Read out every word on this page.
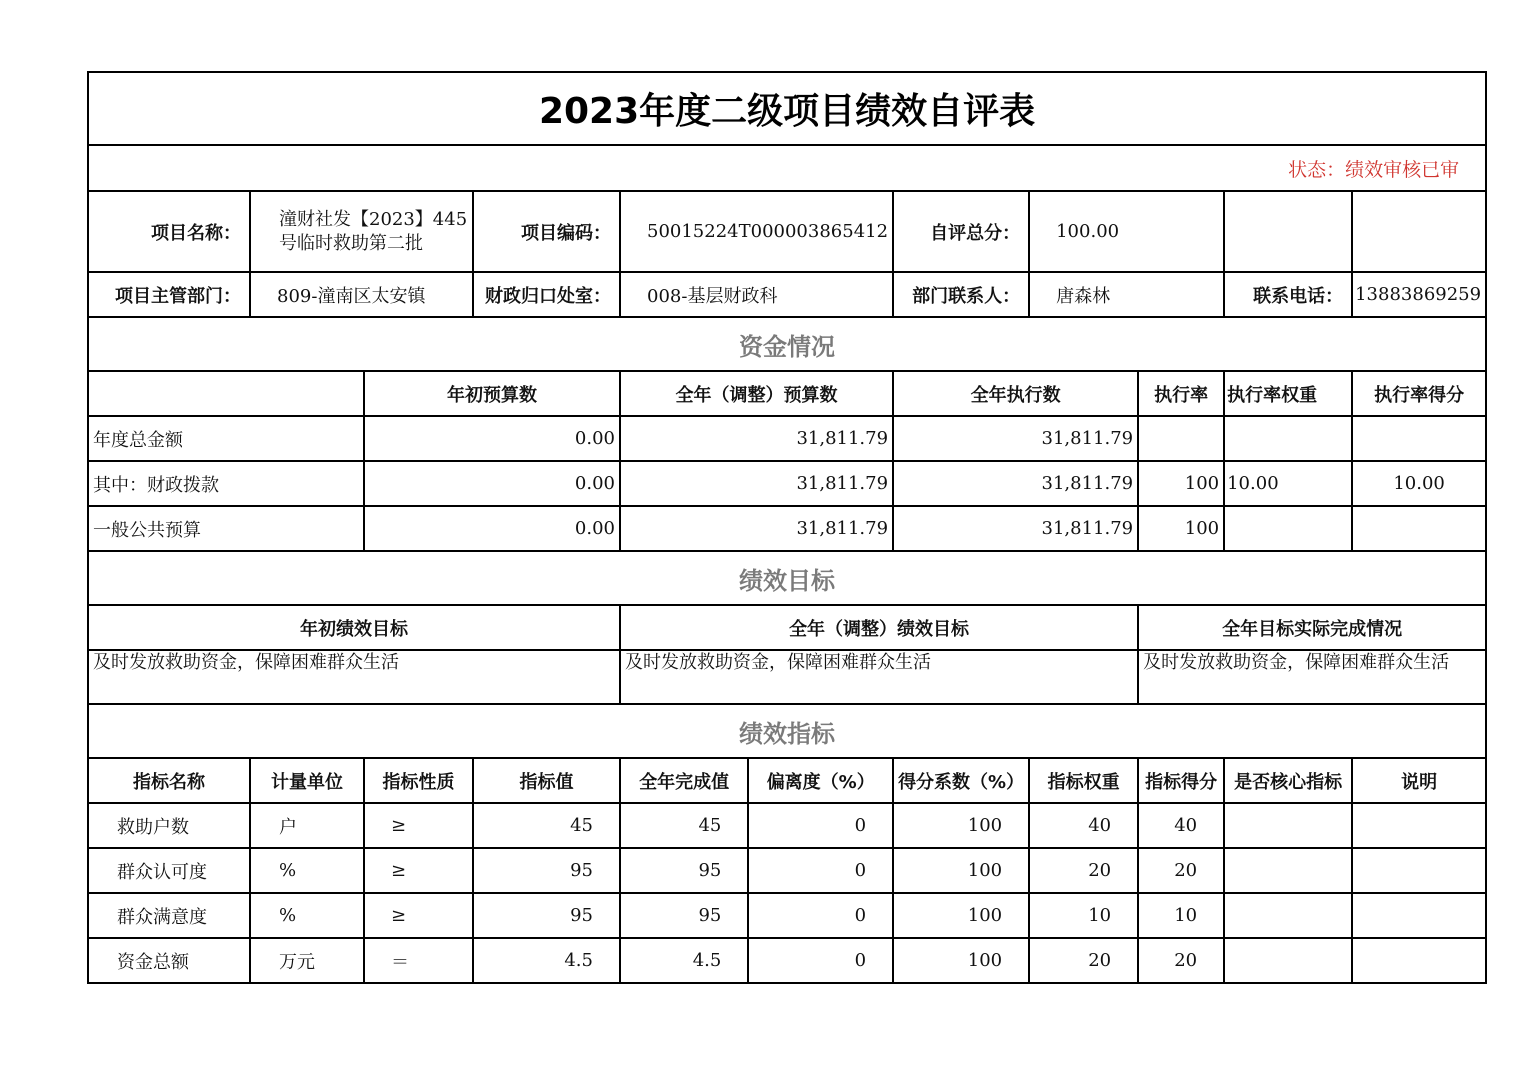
2023年度二级项目绩效自评表										
状态：绩效审核已审										
项目名称：	潼财社发【2023】445号临时救助第二批		项目编码：	50015224T000003865412		自评总分：	100.00			
项目主管部门：	809-潼南区太安镇		财政归口处室：	008-基层财政科		部门联系人：	唐森林		联系电话：	13883869259
资金情况										
		年初预算数		全年（调整）预算数		全年执行数		执行率	执行率权重	执行率得分
年度总金额		0.00		31,811.79		31,811.79				
其中：财政拨款		0.00		31,811.79		31,811.79		100	10.00	10.00
一般公共预算		0.00		31,811.79		31,811.79		100		
绩效目标										
年初绩效目标				全年（调整）绩效目标				全年目标实际完成情况		
及时发放救助资金，保障困难群众生活				及时发放救助资金，保障困难群众生活				及时发放救助资金，保障困难群众生活		
绩效指标										
指标名称	计量单位	指标性质	指标值	全年完成值	偏离度（%）	得分系数（%）	指标权重	指标得分	是否核心指标	说明
救助户数	户	≥	45	45	0	100	40	40		
群众认可度	%	≥	95	95	0	100	20	20		
群众满意度	%	≥	95	95	0	100	10	10		
资金总额	万元	＝	4.5	4.5	0	100	20	20		
